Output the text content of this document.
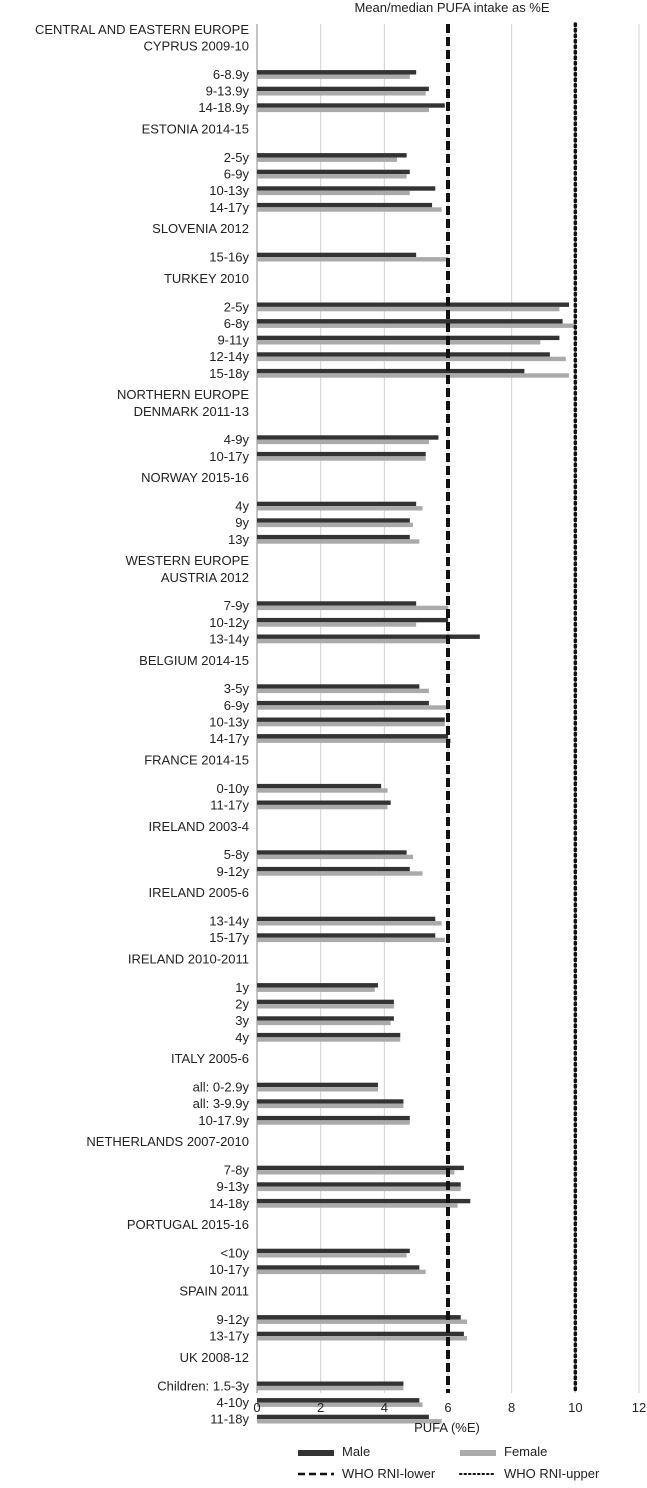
Mean/median PUFA intake as %E
CENTRAL AND EASTERN EUROPE
CYPRUS 2009-10
6-8.9y
9-13.9y
14-18.9y
ESTONIA 2014-15
2-5y
6-9y
10-13y
14-17y
SLOVENIA 2012
15-16y
TURKEY 2010
2-5y
6-8y
9-11y
12-14y
15-18y
NORTHERN EUROPE
DENMARK 2011-13
4-9y
10-17y
NORWAY 2015-16
4y
9y
13y
WESTERN EUROPE
AUSTRIA 2012
7-9y
10-12y
13-14y
BELGIUM 2014-15
3-5y
6-9y
10-13y
14-17y
FRANCE 2014-15
0-10y
11-17y
IRELAND 2003-4
5-8y
9-12y
IRELAND 2005-6
13-14y
15-17y
IRELAND 2010-2011
1y
2y
3y
4y
ITALY 2005-6
all: 0-2.9y
all: 3-9.9y
10-17.9y
NETHERLANDS 2007-2010
7-8y
9-13y
14-18y
PORTUGAL 2015-16
<10y
10-17y
SPAIN 2011
9-12y
13-17y
UK 2008-12
Children: 1.5-3y
4-10y
11-18y
0	2	4	6	8	10	12
PUFA (%E)
Male	Female
WHO RNI-lower	WHO RNI-upper
